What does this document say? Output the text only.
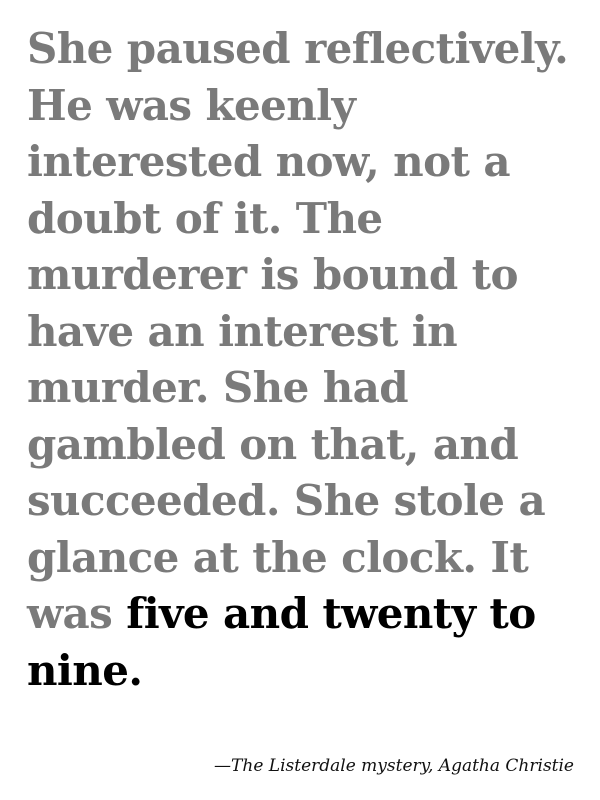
She paused reflectively.
He was keenly
interested now, not a
doubt of it. The
murderer is bound to
have an interest in
murder. She had
gambled on that, and
succeeded. She stole a
glance at the clock. It
was five and twenty to
nine.

—The Listerdale mystery, Agatha Christie
